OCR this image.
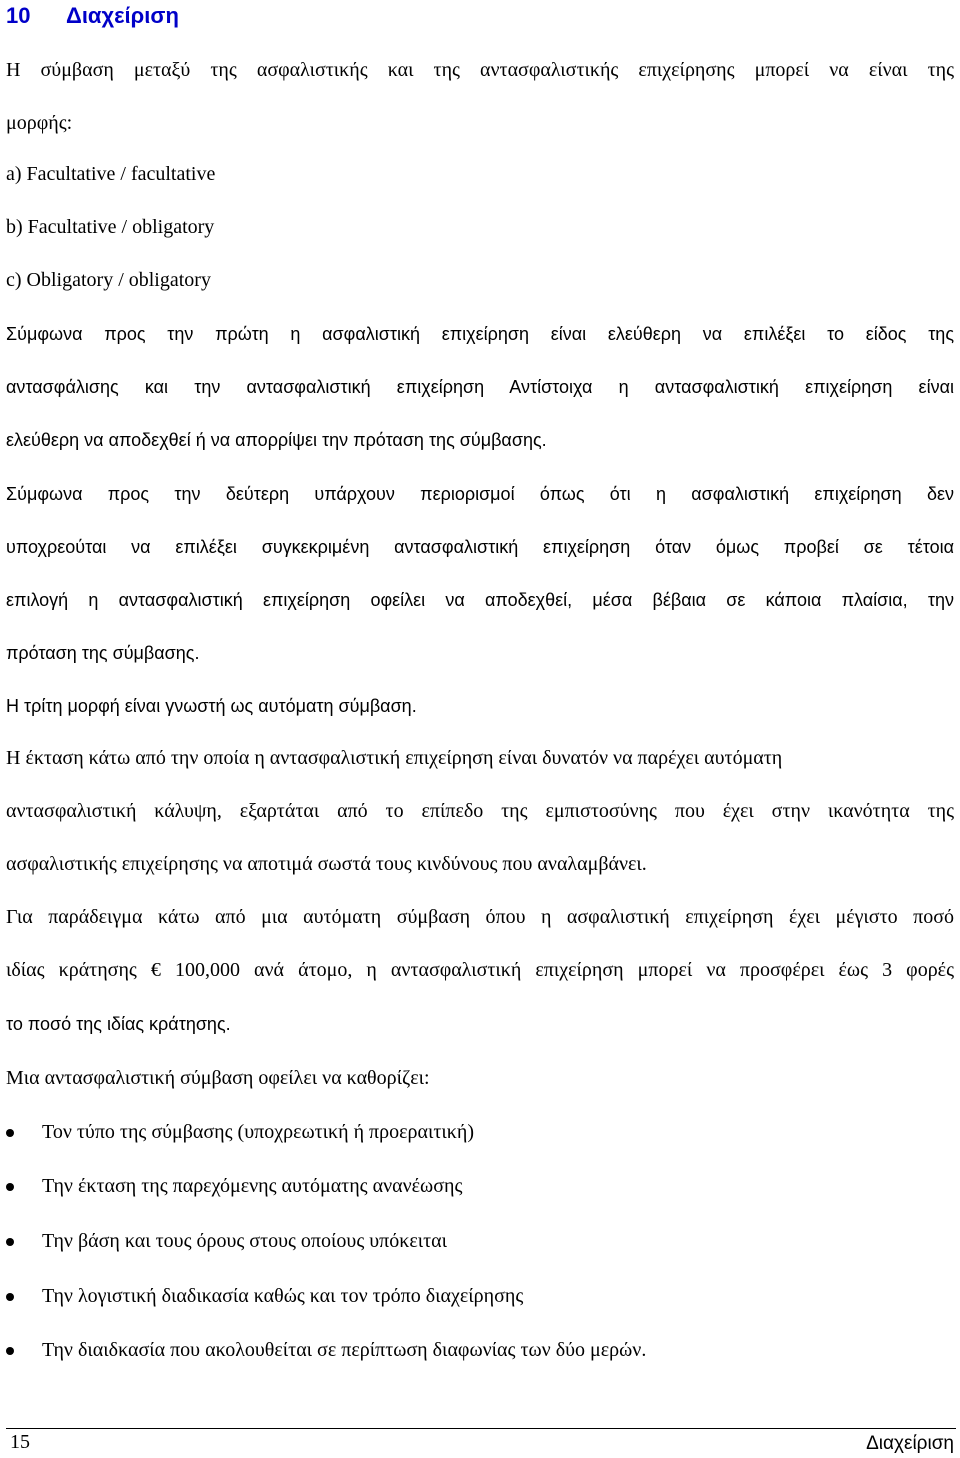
10 Διαχείριση
Η σύμβαση μεταξύ της ασφαλιστικής και της αντασφαλιστικής επιχείρησης μπορεί να είναι της
μορφής:
a) Facultative / facultative
b) Facultative / obligatory
c) Obligatory / obligatory
Σύμφωνα προς την πρώτη η ασφαλιστική επιχείρηση είναι ελεύθερη να επιλέξει το είδος της
αντασφάλισης και την αντασφαλιστική επιχείρηση Αντίστοιχα η αντασφαλιστική επιχείρηση είναι
ελεύθερη να αποδεχθεί ή να απορρίψει την πρόταση της σύμβασης.
Σύμφωνα προς την δεύτερη υπάρχουν περιορισμοί όπως ότι η ασφαλιστική επιχείρηση δεν
υποχρεούται να επιλέξει συγκεκριμένη αντασφαλιστική επιχείρηση όταν όμως προβεί σε τέτοια
επιλογή η αντασφαλιστική επιχείρηση οφείλει να αποδεχθεί, μέσα βέβαια σε κάποια πλαίσια, την
πρόταση της σύμβασης.
Η τρίτη μορφή είναι γνωστή ως αυτόματη σύμβαση.
Η έκταση κάτω από την οποία η αντασφαλιστική επιχείρηση είναι δυνατόν να παρέχει αυτόματη
αντασφαλιστική κάλυψη, εξαρτάται από το επίπεδο της εμπιστοσύνης που έχει στην ικανότητα της
ασφαλιστικής επιχείρησης να αποτιμά σωστά τους κινδύνους που αναλαμβάνει.
Για παράδειγμα κάτω από μια αυτόματη σύμβαση όπου η ασφαλιστική επιχείρηση έχει μέγιστο ποσό
ιδίας κράτησης € 100,000 ανά άτομο, η αντασφαλιστική επιχείρηση μπορεί να προσφέρει έως 3 φορές
το ποσό της ιδίας κράτησης.
Μια αντασφαλιστική σύμβαση οφείλει να καθορίζει:
Τον τύπο της σύμβασης (υποχρεωτική ή προεραιτική)
Την έκταση της παρεχόμενης αυτόματης ανανέωσης
Την βάση και τους όρους στους οποίους υπόκειται
Την λογιστική διαδικασία καθώς και τον τρόπο διαχείρησης
Την διαιδκασία που ακολουθείται σε περίπτωση διαφωνίας των δύο μερών.
15	Διαχείριση
